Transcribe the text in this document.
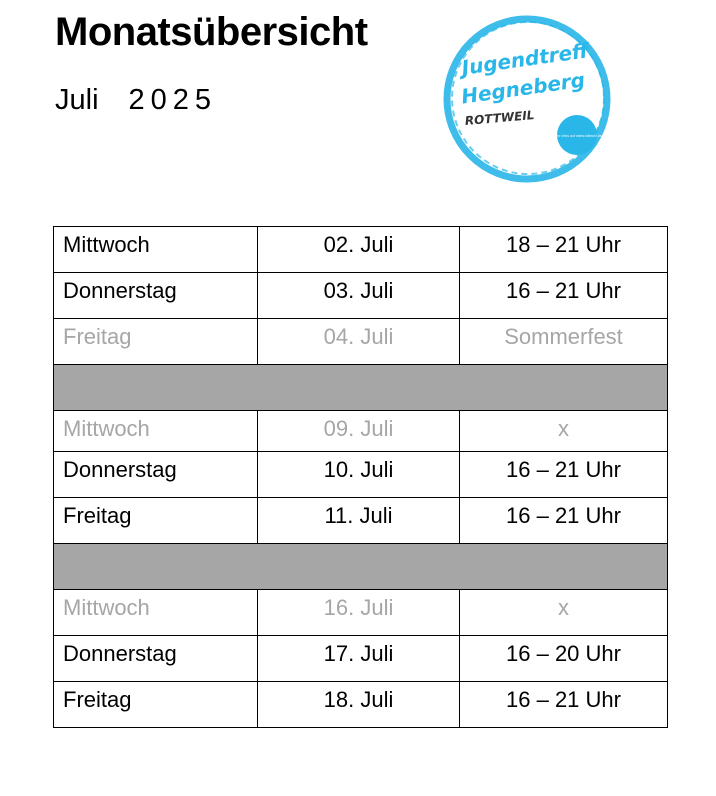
Monatsübersicht
Juli 2025
Jugendtreff
Hegneberg
ROTTWEIL
Mehr infos auf www.rottweil.de
Mittwoch	02. Juli	18 – 21 Uhr
Donnerstag	03. Juli	16 – 21 Uhr
Freitag	04. Juli	Sommerfest

Mittwoch	09. Juli	x
Donnerstag	10. Juli	16 – 21 Uhr
Freitag	11. Juli	16 – 21 Uhr

Mittwoch	16. Juli	x
Donnerstag	17. Juli	16 – 20 Uhr
Freitag	18. Juli	16 – 21 Uhr
